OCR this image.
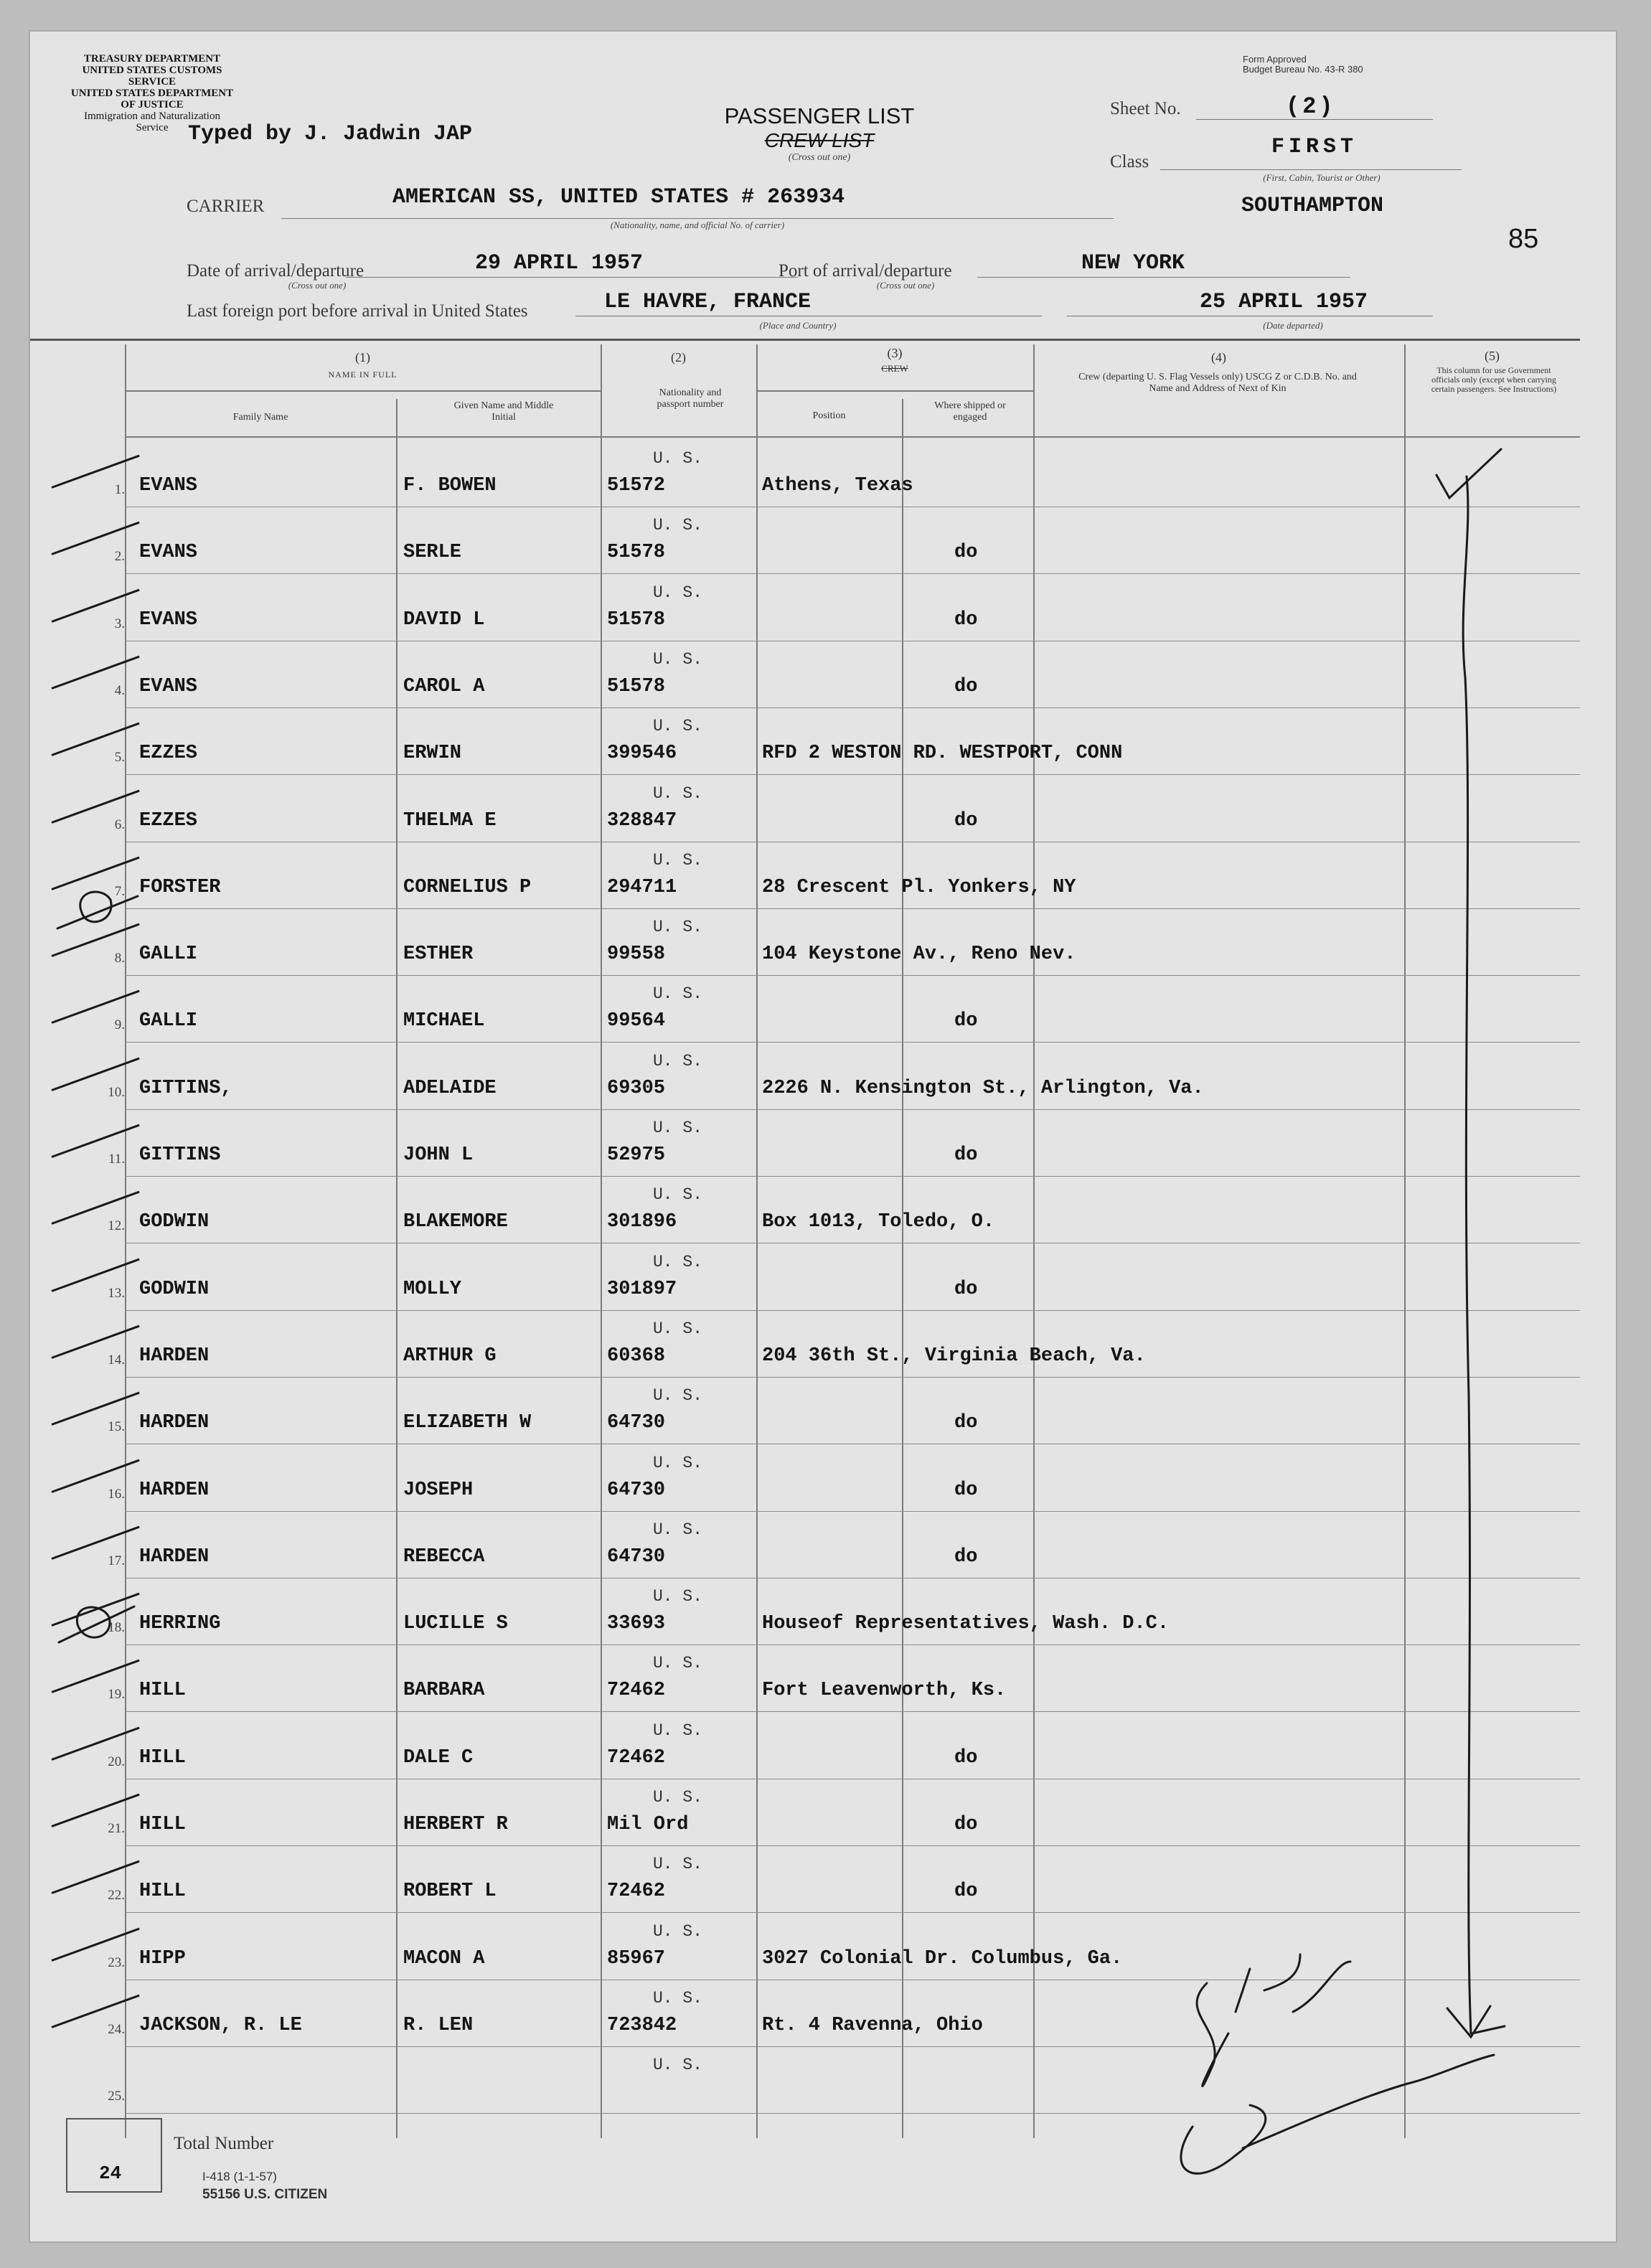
TREASURY DEPARTMENT
UNITED STATES CUSTOMS SERVICE
UNITED STATES DEPARTMENT OF JUSTICE
Immigration and Naturalization Service Typed by J. Jadwin JAP
PASSENGER LIST
CREW LIST
(Cross out one)
Form Approved
Budget Bureau No. 43-R 380
Sheet No.	(2)
Class
FIRST
(First, Cabin, Tourist or Other)
SOUTHAMPTON
85
CARRIER	AMERICAN SS, UNITED STATES # 263934
(Nationality, name, and official No. of carrier)
Date of arrival/departure	29 APRIL 1957
(Cross out one)
Port of arrival/departure	NEW YORK
(Cross out one)
Last foreign port before arrival in United States	LE HAVRE, FRANCE
(Place and Country)
25 APRIL 1957
(Date departed)
(1)
NAME IN FULL
Family Name
Given Name and Middle Initial
(2)
Nationality and passport number
(3)
CREW
Position
Where shipped or engaged
(4)
Crew (departing U. S. Flag Vessels only) USCG Z or C.D.B. No. and Name and Address of Next of Kin
(5)
This column for use Government officials only (except when carrying certain passengers. See Instructions)
U. S.
1. EVANS	F. BOWEN	51572	Athens, Texas
U. S.
2. EVANS	SERLE	51578	do
U. S.
3. EVANS	DAVID L	51578	do
U. S.
4. EVANS	CAROL A	51578	do
U. S.
5. EZZES	ERWIN	399546	RFD 2 WESTON RD. WESTPORT, CONN
U. S.
6. EZZES	THELMA E	328847	do
U. S.
7. FORSTER	CORNELIUS P	294711	28 Crescent Pl. Yonkers, NY
U. S.
8. GALLI	ESTHER	99558	104 Keystone Av., Reno Nev.
U. S.
9. GALLI	MICHAEL	99564	do
U. S.
10. GITTINS,	ADELAIDE	69305	2226 N. Kensington St., Arlington, Va.
U. S.
11. GITTINS	JOHN L	52975	do
U. S.
12. GODWIN	BLAKEMORE	301896	Box 1013, Toledo, O.
U. S.
13. GODWIN	MOLLY	301897	do
U. S.
14. HARDEN	ARTHUR G	60368	204 36th St., Virginia Beach, Va.
U. S.
15. HARDEN	ELIZABETH W	64730	do
U. S.
16. HARDEN	JOSEPH	64730	do
U. S.
17. HARDEN	REBECCA	64730	do
U. S.
18. HERRING	LUCILLE S	33693	Houseof Representatives, Wash. D.C.
U. S.
19. HILL	BARBARA	72462	Fort Leavenworth, Ks.
U. S.
20. HILL	DALE C	72462	do
U. S.
21. HILL	HERBERT R	Mil Ord	do
U. S.
22. HILL	ROBERT L	72462	do
U. S.
23. HIPP	MACON A	85967	3027 Colonial Dr. Columbus, Ga.
U. S.
24. JACKSON, R. LE	R. LEN	723842	Rt. 4 Ravenna, Ohio
U. S.
25.
24
Total Number
I-418 (1-1-57)
55156 U.S. CITIZEN
